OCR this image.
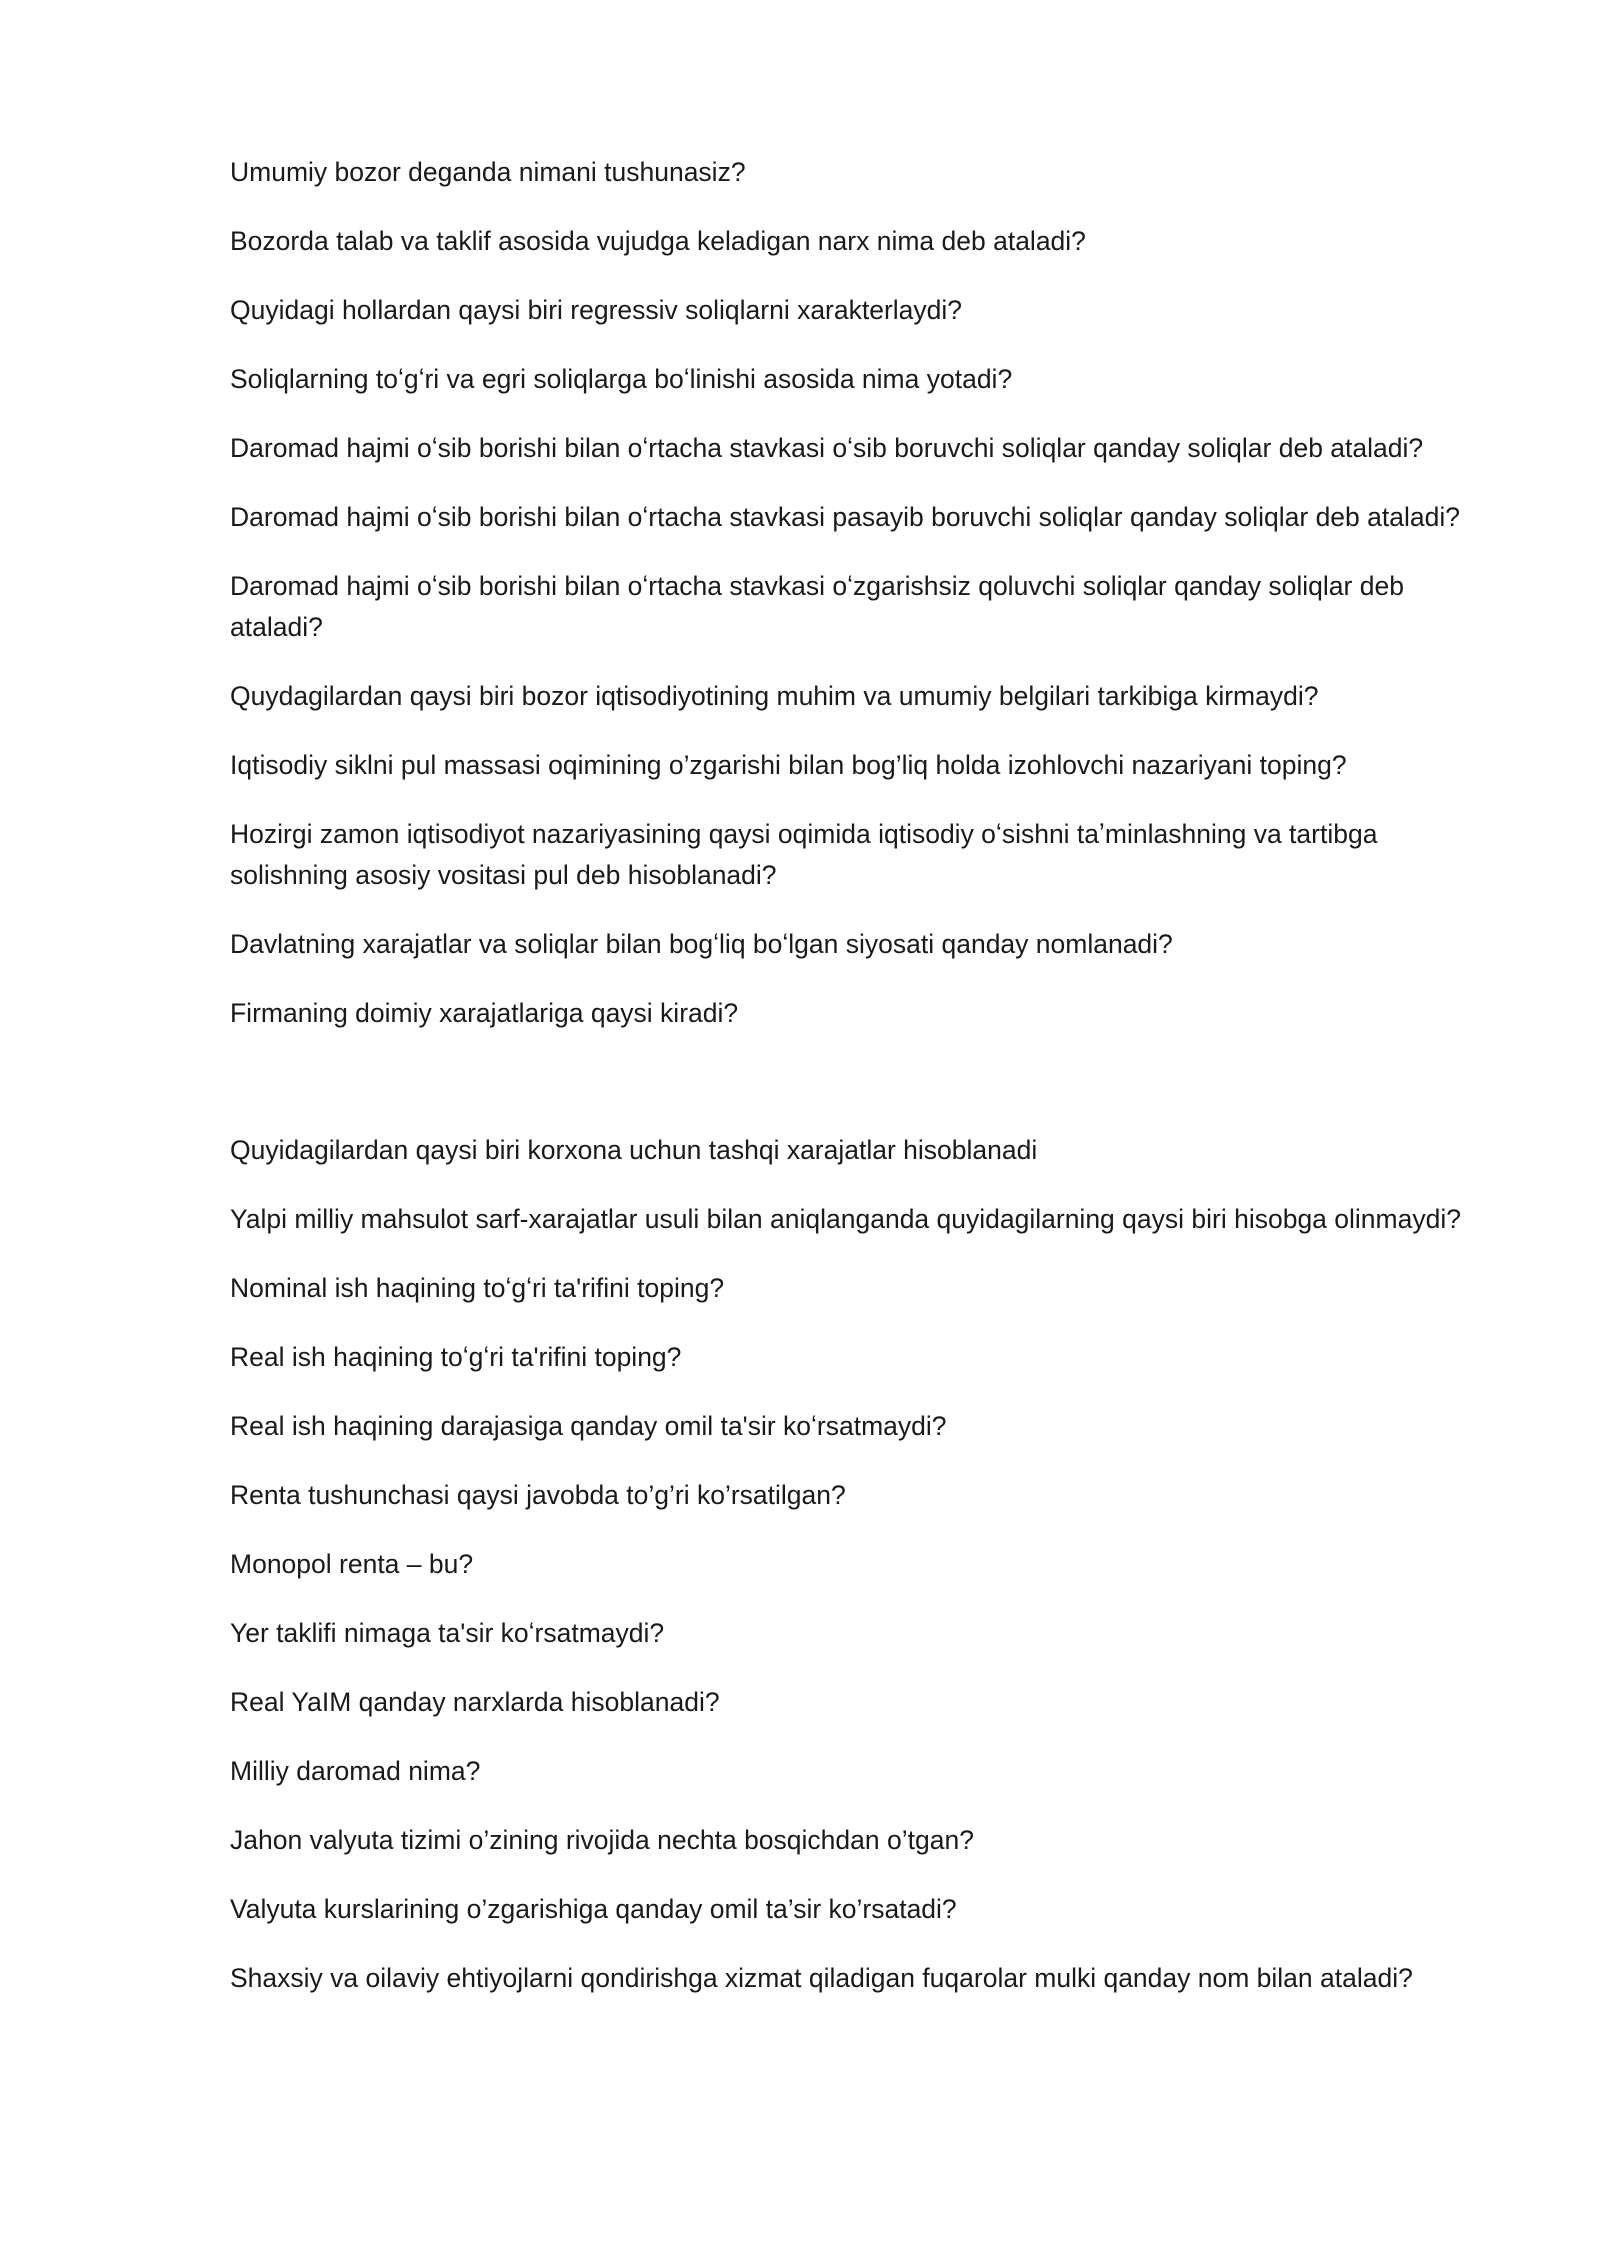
Umumiy bozor deganda nimani tushunasiz?

Bozorda talab va taklif asosida vujudga keladigan narx nima deb ataladi?

Quyidagi hollardan qaysi biri regressiv soliqlarni xarakterlaydi?

Soliqlarning toʻgʻri va egri soliqlarga boʻlinishi asosida nima yotadi?

Daromad hajmi oʻsib borishi bilan oʻrtacha stavkasi oʻsib boruvchi soliqlar qanday soliqlar deb ataladi?

Daromad hajmi oʻsib borishi bilan oʻrtacha stavkasi pasayib boruvchi soliqlar qanday soliqlar deb ataladi?

Daromad hajmi oʻsib borishi bilan oʻrtacha stavkasi oʻzgarishsiz qoluvchi soliqlar qanday soliqlar deb ataladi?

Quydagilardan qaysi biri bozor iqtisodiyotining muhim va umumiy belgilari tarkibiga kirmaydi?

Iqtisodiy siklni pul massasi oqimining o’zgarishi bilan bog’liq holda izohlovchi nazariyani toping?

Hozirgi zamon iqtisodiyot nazariyasining qaysi oqimida iqtisodiy oʻsishni taʼminlashning va tartibga solishning asosiy vositasi pul deb hisoblanadi?

Davlatning xarajatlar va soliqlar bilan bogʻliq boʻlgan siyosati qanday nomlanadi?

Firmaning doimiy xarajatlariga qaysi kiradi?

Quyidagilardan qaysi biri korxona uchun tashqi xarajatlar hisoblanadi

Yalpi milliy mahsulot sarf-xarajatlar usuli bilan aniqlanganda quyidagilarning qaysi biri hisobga olinmaydi?

Nominal ish haqining toʻgʻri ta'rifini toping?

Real ish haqining toʻgʻri ta'rifini toping?

Real ish haqining darajasiga qanday omil ta'sir koʻrsatmaydi?

Renta tushunchasi qaysi javobda to’g’ri ko’rsatilgan?

Monopol renta – bu?

Yer taklifi nimaga ta'sir koʻrsatmaydi?

Real YaIM qanday narxlarda hisoblanadi?

Milliy daromad nima?

Jahon valyuta tizimi o’zining rivojida nechta bosqichdan o’tgan?

Valyuta kurslarining o’zgarishiga qanday omil ta’sir ko’rsatadi?

Shaxsiy va oilaviy ehtiyojlarni qondirishga xizmat qiladigan fuqarolar mulki qanday nom bilan ataladi?
